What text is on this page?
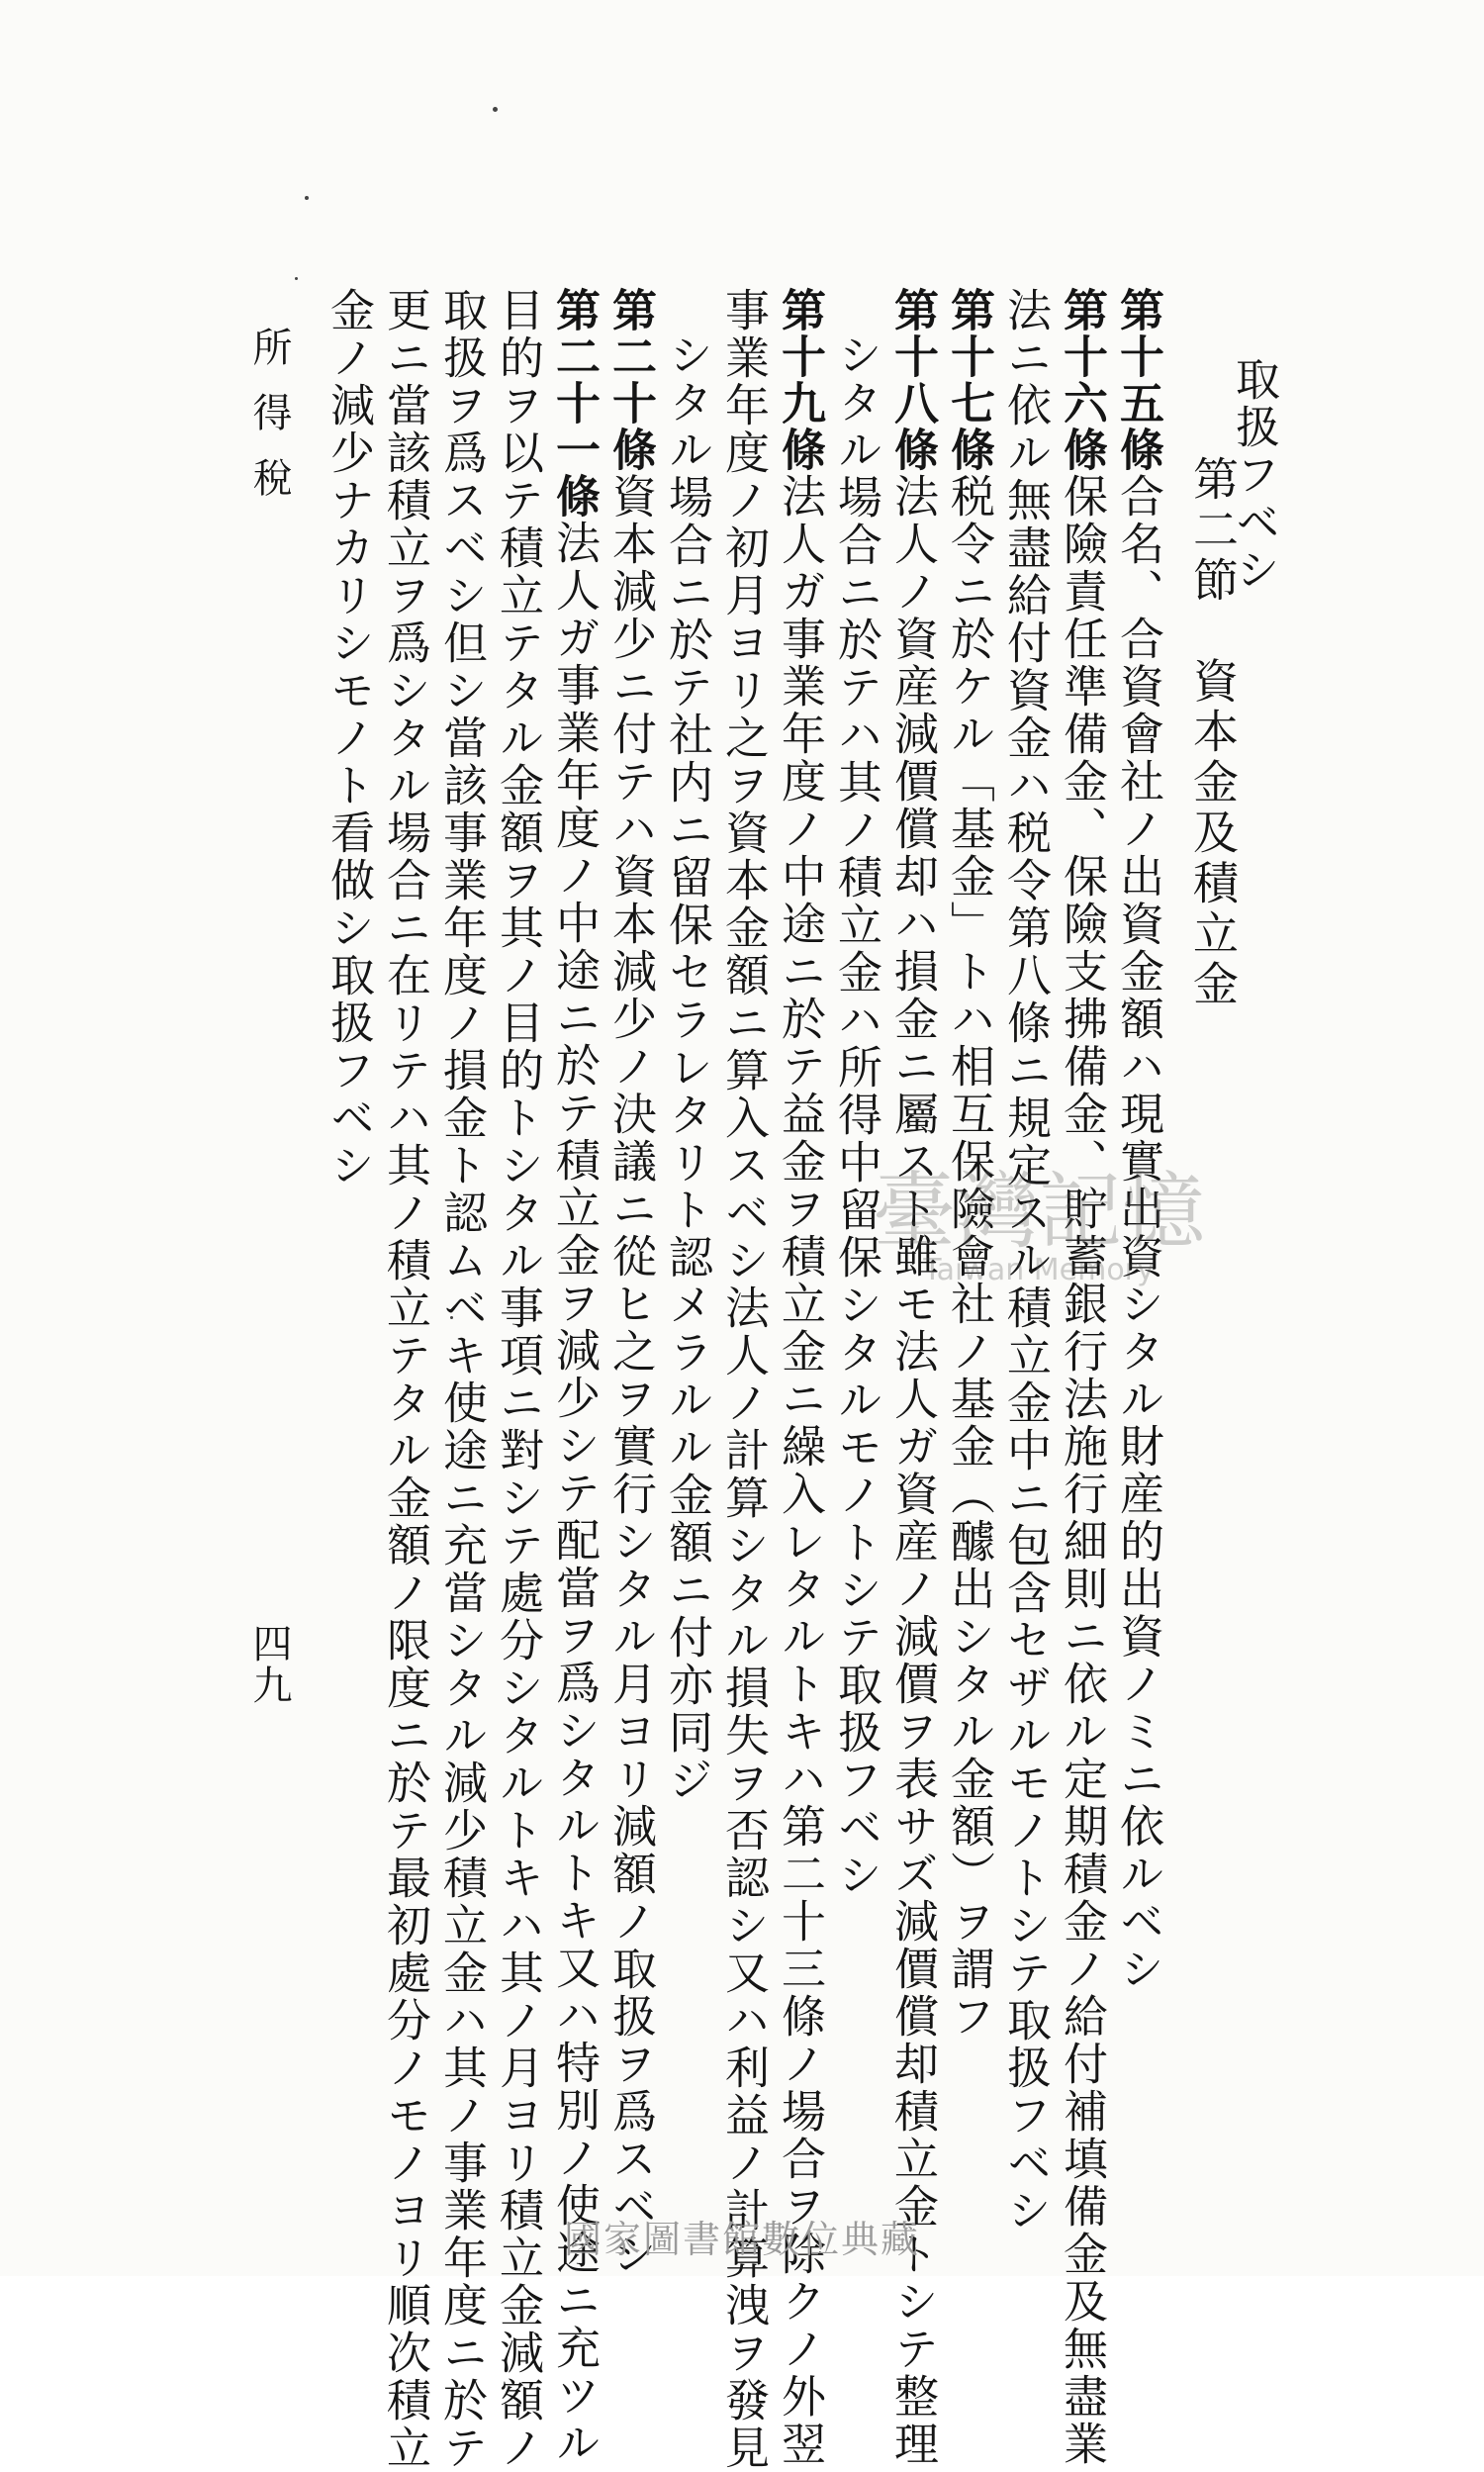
所得稅
四九
第二節　資本金及積立金
取扱フベシ
第十五條合名、合資會社ノ出資金額ハ現實出資シタル財産的出資ノミニ依ルベシ
第十六條保險責任準備金、保險支拂備金、貯蓄銀行法施行細則ニ依ル定期積金ノ給付補填備金及無盡業
法ニ依ル無盡給付資金ハ税令第八條ニ規定スル積立金中ニ包含セザルモノトシテ取扱フベシ
第十七條税令ニ於ケル「基金」トハ相互保險會社ノ基金（醵出シタル金額）ヲ謂フ
第十八條法人ノ資産減價償却ハ損金ニ屬スト雖モ法人ガ資産ノ減價ヲ表サズ減價償却積立金トシテ整理
シタル場合ニ於テハ其ノ積立金ハ所得中留保シタルモノトシテ取扱フベシ
第十九條法人ガ事業年度ノ中途ニ於テ益金ヲ積立金ニ繰入レタルトキハ第二十三條ノ場合ヲ除クノ外翌
事業年度ノ初月ヨリ之ヲ資本金額ニ算入スベシ法人ノ計算シタル損失ヲ否認シ又ハ利益ノ計算洩ヲ發見
シタル場合ニ於テ社内ニ留保セラレタリト認メラルル金額ニ付亦同ジ
第二十條資本減少ニ付テハ資本減少ノ決議ニ從ヒ之ヲ實行シタル月ヨリ減額ノ取扱ヲ爲スベシ
第二十一條法人ガ事業年度ノ中途ニ於テ積立金ヲ減少シテ配當ヲ爲シタルトキ又ハ特別ノ使途ニ充ツル
目的ヲ以テ積立テタル金額ヲ其ノ目的トシタル事項ニ對シテ處分シタルトキハ其ノ月ヨリ積立金減額ノ
取扱ヲ爲スベシ但シ當該事業年度ノ損金ト認ムベキ使途ニ充當シタル減少積立金ハ其ノ事業年度ニ於テ
更ニ當該積立ヲ爲シタル場合ニ在リテハ其ノ積立テタル金額ノ限度ニ於テ最初處分ノモノヨリ順次積立
金ノ減少ナカリシモノト看做シ取扱フベシ
臺灣記憶
Taiwan Memory
國家圖書館數位典藏
